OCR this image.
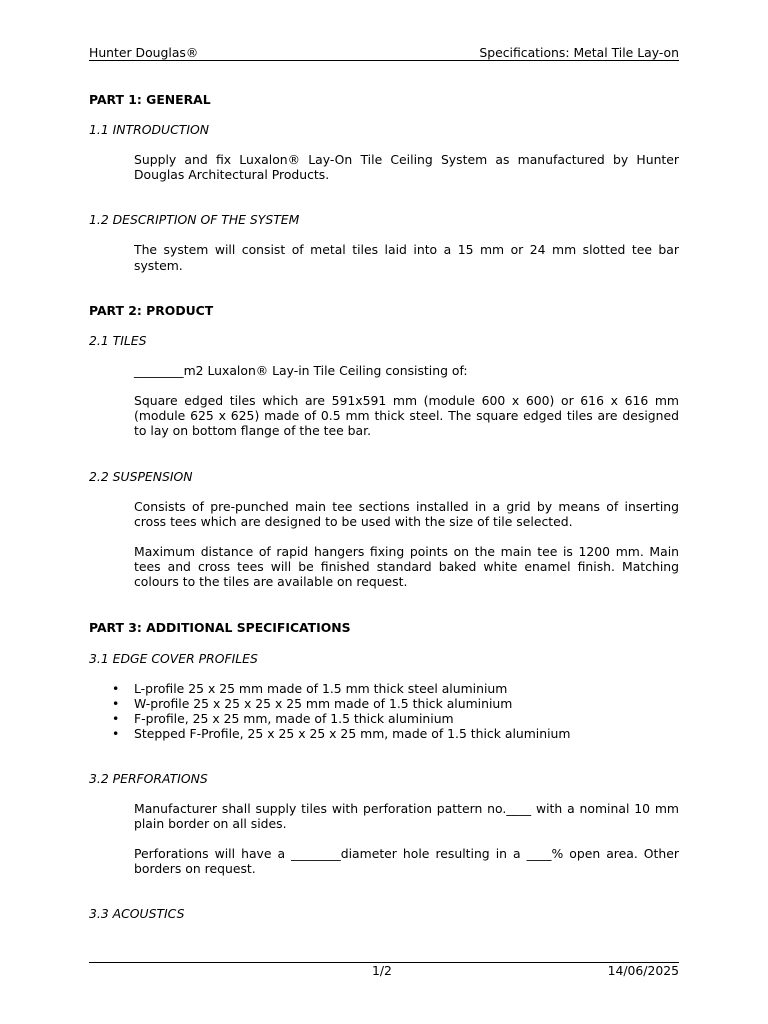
Hunter Douglas®	Specifications: Metal Tile Lay-on

PART 1: GENERAL

1.1 INTRODUCTION

Supply and fix Luxalon® Lay-On Tile Ceiling System as manufactured by Hunter Douglas Architectural Products.

1.2 DESCRIPTION OF THE SYSTEM

The system will consist of metal tiles laid into a 15 mm or 24 mm slotted tee bar system.

PART 2: PRODUCT

2.1 TILES

________m2 Luxalon® Lay-in Tile Ceiling consisting of:

Square edged tiles which are 591x591 mm (module 600 x 600) or 616 x 616 mm (module 625 x 625) made of 0.5 mm thick steel. The square edged tiles are designed to lay on bottom flange of the tee bar.

2.2 SUSPENSION

Consists of pre-punched main tee sections installed in a grid by means of inserting cross tees which are designed to be used with the size of tile selected.

Maximum distance of rapid hangers fixing points on the main tee is 1200 mm. Main tees and cross tees will be finished standard baked white enamel finish. Matching colours to the tiles are available on request.

PART 3: ADDITIONAL SPECIFICATIONS

3.1 EDGE COVER PROFILES

• L-profile 25 x 25 mm made of 1.5 mm thick steel aluminium
• W-profile 25 x 25 x 25 x 25 mm made of 1.5 thick aluminium
• F-profile, 25 x 25 mm, made of 1.5 thick aluminium
• Stepped F-Profile, 25 x 25 x 25 x 25 mm, made of 1.5 thick aluminium

3.2 PERFORATIONS

Manufacturer shall supply tiles with perforation pattern no.____ with a nominal 10 mm plain border on all sides.

Perforations will have a ________diameter hole resulting in a ____% open area. Other borders on request.

3.3 ACOUSTICS

1/2	14/06/2025
